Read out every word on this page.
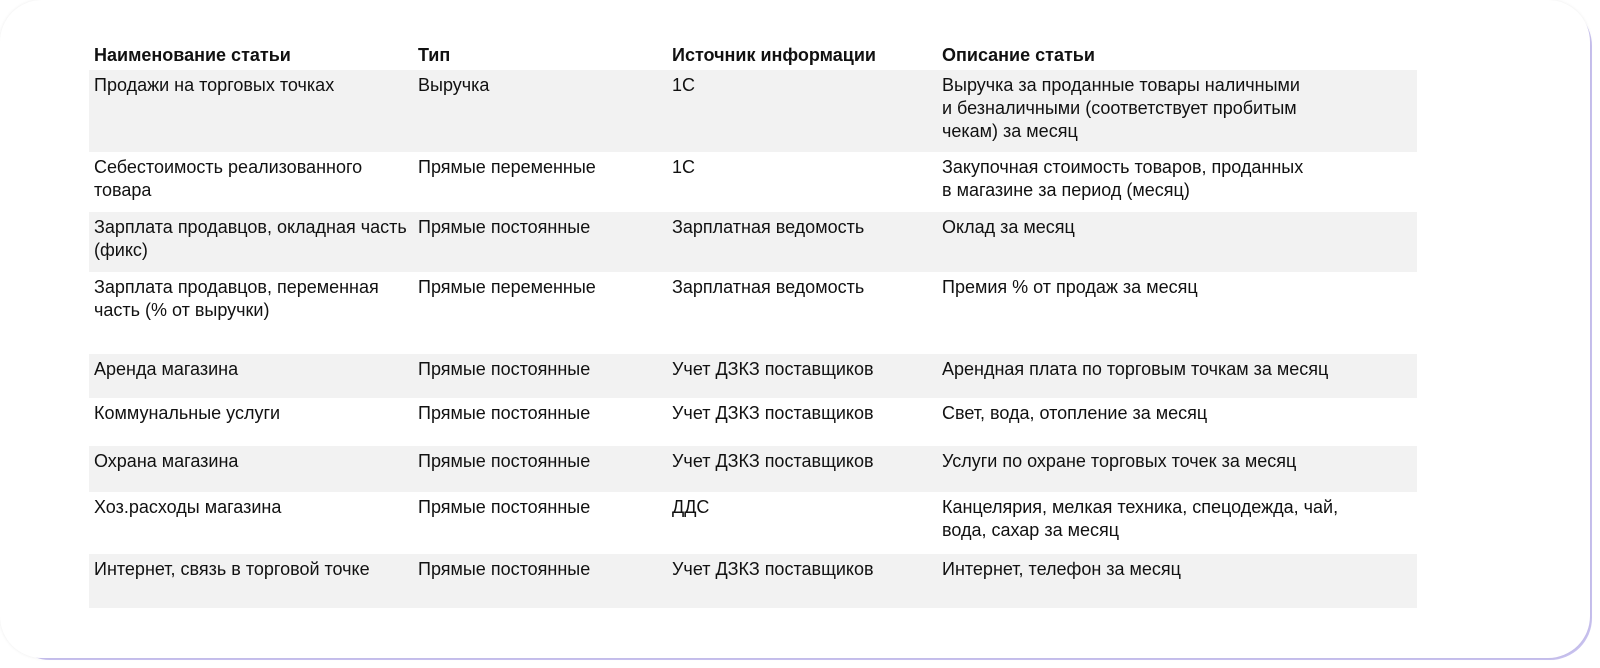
Наименование статьи	Тип	Источник информации	Описание статьи
Продажи на торговых точках	Выручка	1С	Выручка за проданные товары наличными
и безналичными (соответствует пробитым
чекам) за месяц
Себестоимость реализованного товара	Прямые переменные	1С	Закупочная стоимость товаров, проданных
в магазине за период (месяц)
Зарплата продавцов, окладная часть (фикс)	Прямые постоянные	Зарплатная ведомость	Оклад за месяц
Зарплата продавцов, переменная часть (% от выручки)	Прямые переменные	Зарплатная ведомость	Премия % от продаж за месяц
Аренда магазина	Прямые постоянные	Учет ДЗКЗ поставщиков	Арендная плата по торговым точкам за месяц
Коммунальные услуги	Прямые постоянные	Учет ДЗКЗ поставщиков	Свет, вода, отопление за месяц
Охрана магазина	Прямые постоянные	Учет ДЗКЗ поставщиков	Услуги по охране торговых точек за месяц
Хоз.расходы магазина	Прямые постоянные	ДДС	Канцелярия, мелкая техника, спецодежда, чай,
вода, сахар за месяц
Интернет, связь в торговой точке	Прямые постоянные	Учет ДЗКЗ поставщиков	Интернет, телефон за месяц
